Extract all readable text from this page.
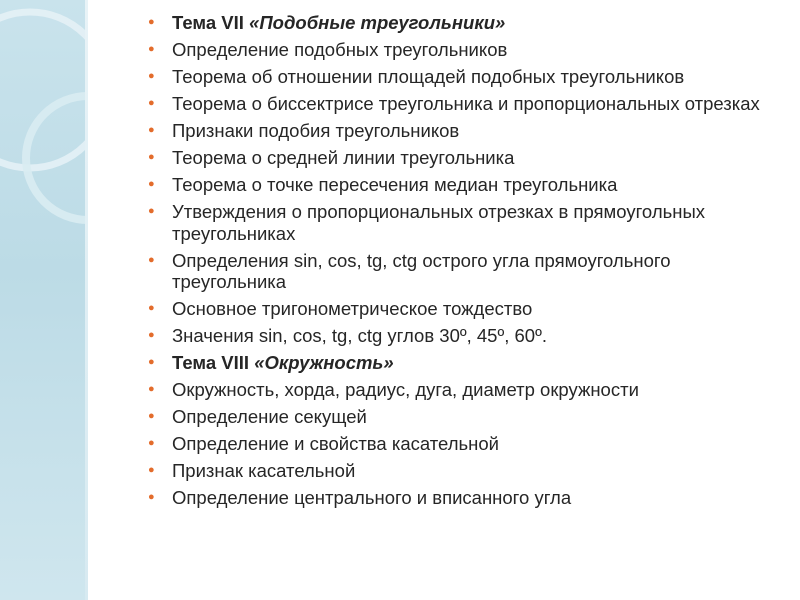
● Тема VII «Подобные треугольники»
● Определение подобных треугольников
● Теорема об отношении площадей подобных треугольников
● Теорема о биссектрисе треугольника и пропорциональных отрезках
● Признаки подобия треугольников
● Теорема о средней линии треугольника
● Теорема о точке пересечения медиан треугольника
● Утверждения о пропорциональных отрезках в прямоугольных треугольниках
● Определения sin, cos, tg, ctg острого угла прямоугольного треугольника
● Основное тригонометрическое тождество
● Значения sin, cos, tg, ctg углов 30º, 45º, 60º.
● Тема VIII «Окружность»
● Окружность, хорда, радиус, дуга, диаметр окружности
● Определение секущей
● Определение и свойства касательной
● Признак касательной
● Определение центрального и вписанного угла
